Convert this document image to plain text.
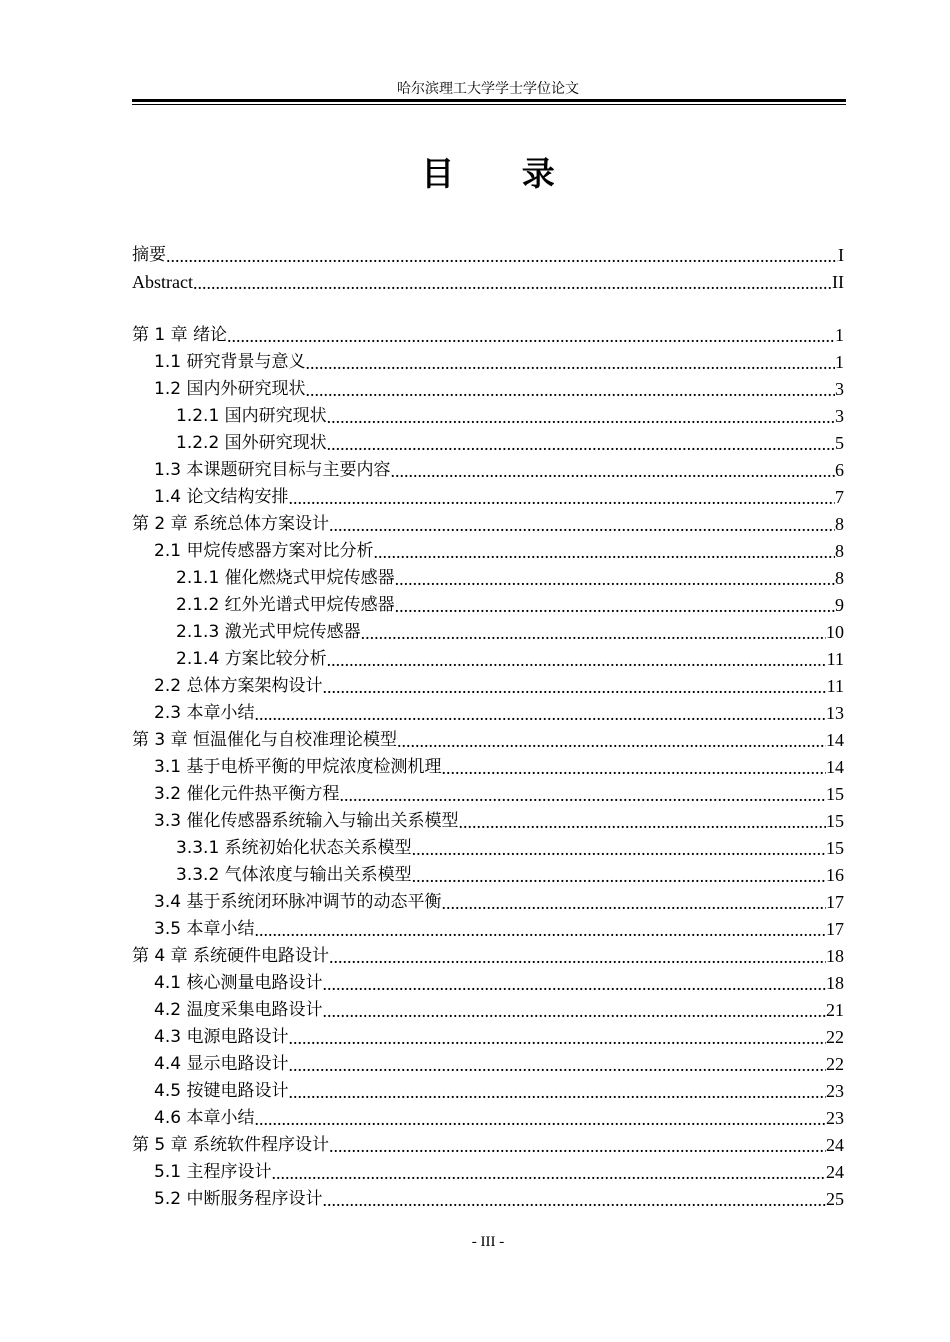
哈尔滨理工大学学士学位论文
目 录
摘要 .....	I
Abstract .....	II
第 1 章 绪论 .....	1
1.1 研究背景与意义 .....	1
1.2 国内外研究现状 .....	3
1.2.1 国内研究现状 .....	3
1.2.2 国外研究现状 .....	5
1.3 本课题研究目标与主要内容 .....	6
1.4 论文结构安排 .....	7
第 2 章 系统总体方案设计 .....	8
2.1 甲烷传感器方案对比分析 .....	8
2.1.1 催化燃烧式甲烷传感器 .....	8
2.1.2 红外光谱式甲烷传感器 .....	9
2.1.3 激光式甲烷传感器 .....	10
2.1.4 方案比较分析 .....	11
2.2 总体方案架构设计 .....	11
2.3 本章小结 .....	13
第 3 章 恒温催化与自校准理论模型 .....	14
3.1 基于电桥平衡的甲烷浓度检测机理 .....	14
3.2 催化元件热平衡方程 .....	15
3.3 催化传感器系统输入与输出关系模型 .....	15
3.3.1 系统初始化状态关系模型 .....	15
3.3.2 气体浓度与输出关系模型 .....	16
3.4 基于系统闭环脉冲调节的动态平衡 .....	17
3.5 本章小结 .....	17
第 4 章 系统硬件电路设计 .....	18
4.1 核心测量电路设计 .....	18
4.2 温度采集电路设计 .....	21
4.3 电源电路设计 .....	22
4.4 显示电路设计 .....	22
4.5 按键电路设计 .....	23
4.6 本章小结 .....	23
第 5 章 系统软件程序设计 .....	24
5.1 主程序设计 .....	24
5.2 中断服务程序设计 .....	25
- III -
